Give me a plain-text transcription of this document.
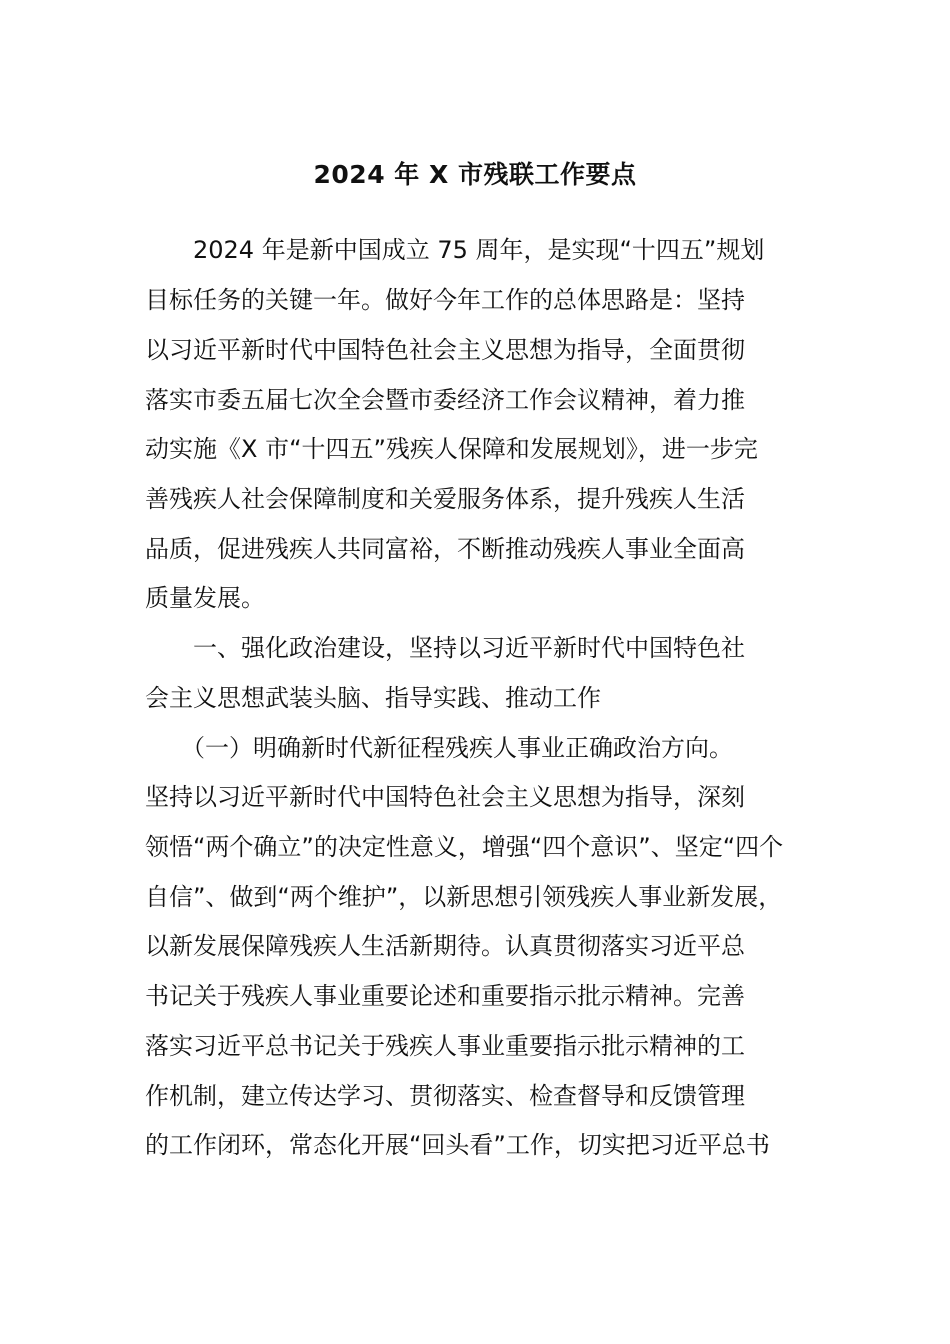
2024 年 X 市残联工作要点
　　2024 年是新中国成立 75 周年，是实现“十四五”规划
目标任务的关键一年。做好今年工作的总体思路是：坚持
以习近平新时代中国特色社会主义思想为指导，全面贯彻
落实市委五届七次全会暨市委经济工作会议精神，着力推
动实施《X 市“十四五”残疾人保障和发展规划》，进一步完
善残疾人社会保障制度和关爱服务体系，提升残疾人生活
品质，促进残疾人共同富裕，不断推动残疾人事业全面高
质量发展。
　　一、强化政治建设，坚持以习近平新时代中国特色社
会主义思想武装头脑、指导实践、推动工作
　　（一）明确新时代新征程残疾人事业正确政治方向。
坚持以习近平新时代中国特色社会主义思想为指导，深刻
领悟“两个确立”的决定性意义，增强“四个意识”、坚定“四个
自信”、做到“两个维护”，以新思想引领残疾人事业新发展，
以新发展保障残疾人生活新期待。认真贯彻落实习近平总
书记关于残疾人事业重要论述和重要指示批示精神。完善
落实习近平总书记关于残疾人事业重要指示批示精神的工
作机制，建立传达学习、贯彻落实、检查督导和反馈管理
的工作闭环，常态化开展“回头看”工作，切实把习近平总书
